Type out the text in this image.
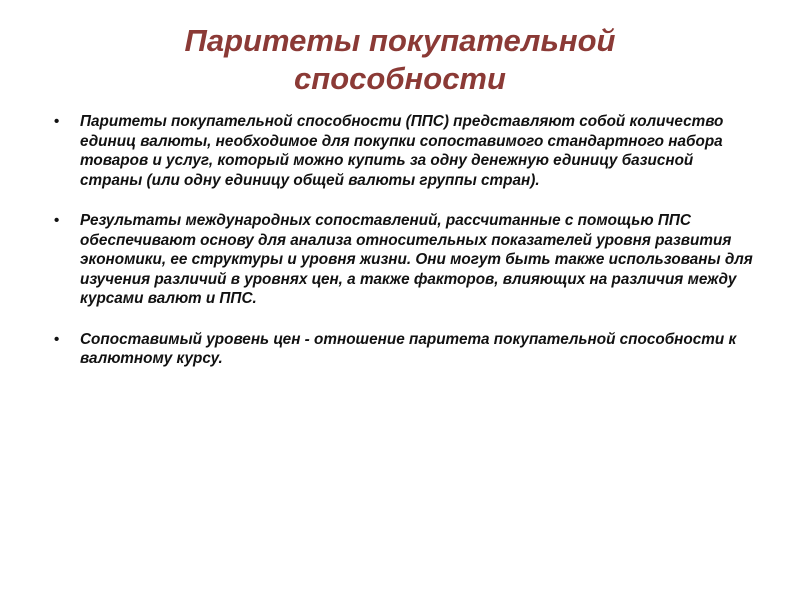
Паритеты покупательной способности
• Паритеты покупательной способности (ППС) представляют собой количество единиц валюты, необходимое для покупки сопоставимого стандартного набора товаров и услуг, который можно купить за одну денежную единицу базисной страны (или одну единицу общей валюты группы стран).
• Результаты международных сопоставлений, рассчитанные с помощью ППС обеспечивают основу для анализа относительных показателей уровня развития экономики, ее структуры и уровня жизни. Они могут быть также использованы для изучения различий в уровнях цен, а также факторов, влияющих на различия между курсами валют и ППС.
• Сопоставимый уровень цен - отношение паритета покупательной способности к валютному курсу.
